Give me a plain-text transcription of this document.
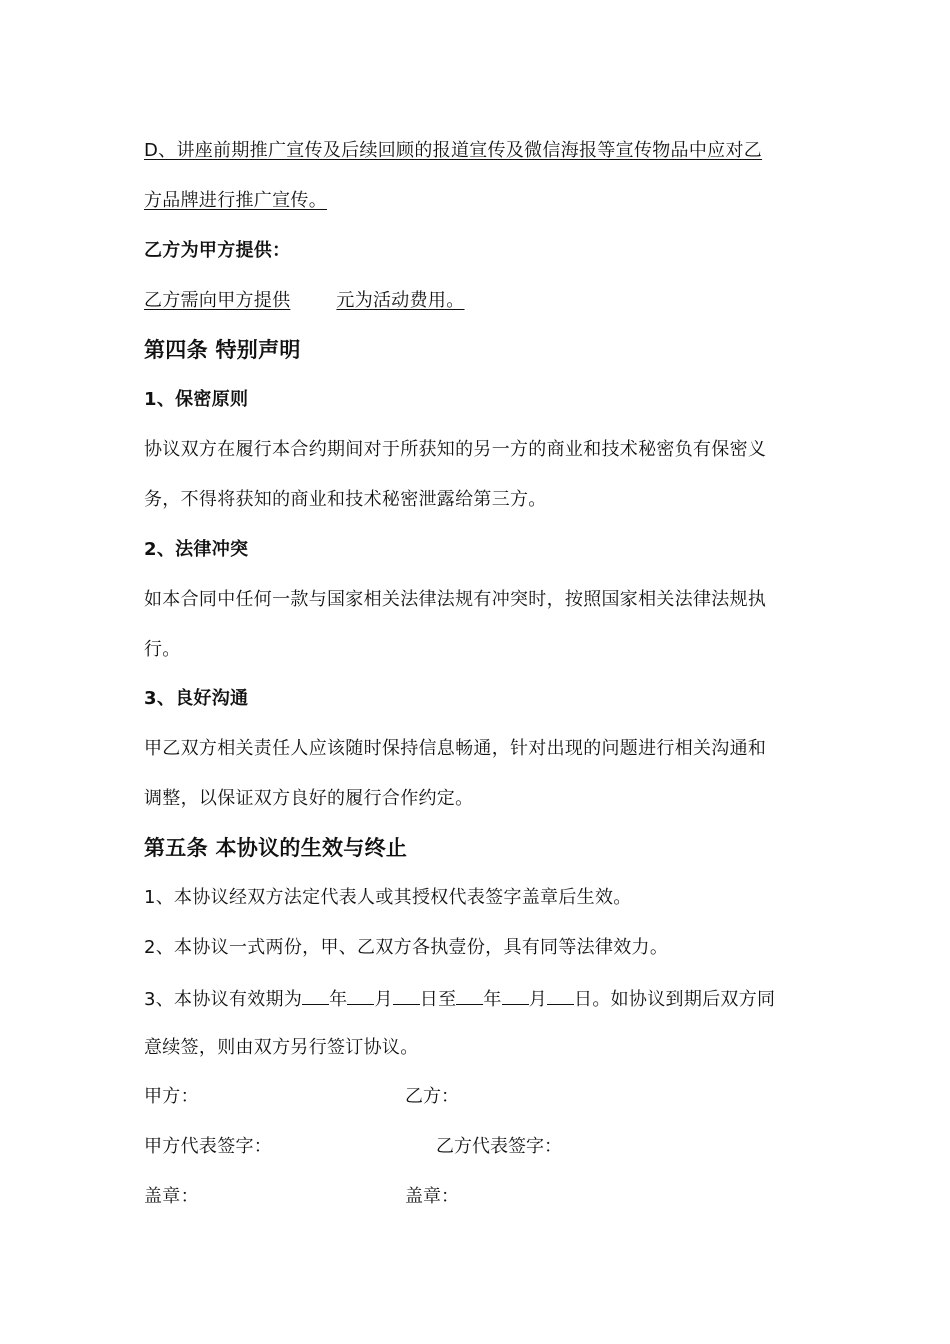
D、讲座前期推广宣传及后续回顾的报道宣传及微信海报等宣传物品中应对乙
方品牌进行推广宣传。
乙方为甲方提供：
乙方需向甲方提供	元为活动费用。
第四条 特别声明
1、保密原则
协议双方在履行本合约期间对于所获知的另一方的商业和技术秘密负有保密义
务，不得将获知的商业和技术秘密泄露给第三方。
2、法律冲突
如本合同中任何一款与国家相关法律法规有冲突时，按照国家相关法律法规执
行。
3、良好沟通
甲乙双方相关责任人应该随时保持信息畅通，针对出现的问题进行相关沟通和
调整，以保证双方良好的履行合作约定。
第五条 本协议的生效与终止
1、本协议经双方法定代表人或其授权代表签字盖章后生效。
2、本协议一式两份，甲、乙双方各执壹份，具有同等法律效力。
3、本协议有效期为 年 月 日至 年 月 日。如协议到期后双方同
意续签，则由双方另行签订协议。
甲方：	乙方：
甲方代表签字：	乙方代表签字：
盖章：	盖章：
